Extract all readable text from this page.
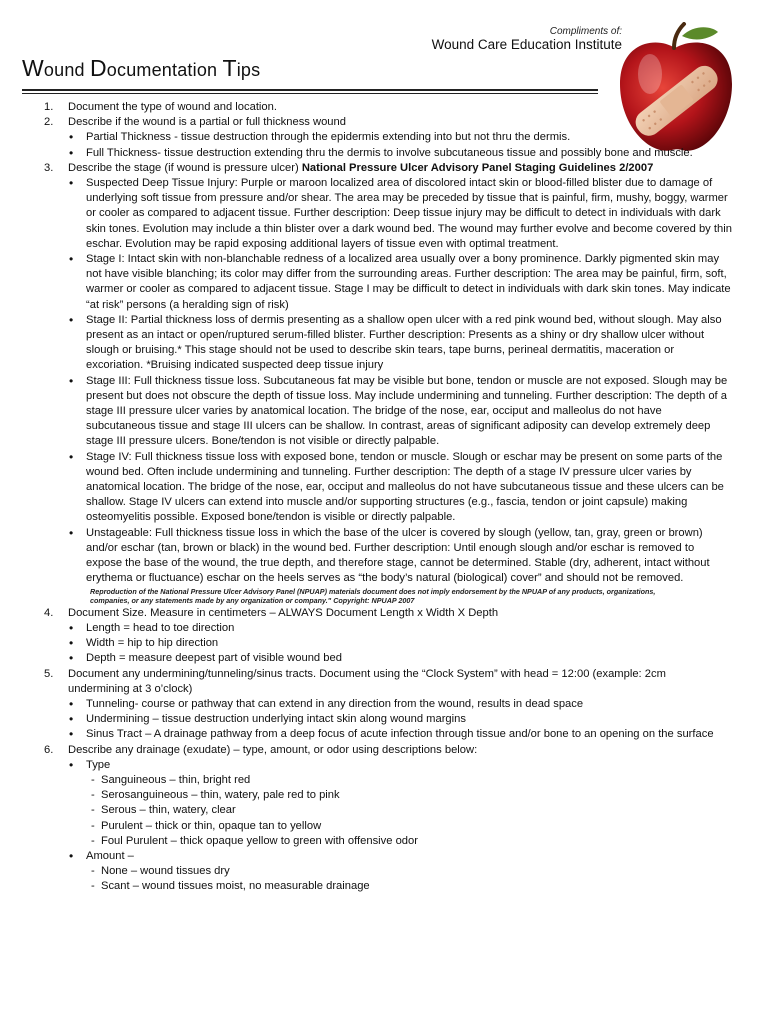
Compliments of:
Wound Care Education Institute
Wound Documentation Tips
1. Document the type of wound and location.
2. Describe if the wound is a partial or full thickness wound
• Partial Thickness - tissue destruction through the epidermis extending into but not thru the dermis.
• Full Thickness- tissue destruction extending thru the dermis to involve subcutaneous tissue and possibly bone and muscle.
3. Describe the stage (if wound is pressure ulcer) National Pressure Ulcer Advisory Panel Staging Guidelines 2/2007
• Suspected Deep Tissue Injury: Purple or maroon localized area of discolored intact skin or blood-filled blister due to damage of underlying soft tissue from pressure and/or shear. The area may be preceded by tissue that is painful, firm, mushy, boggy, warmer or cooler as compared to adjacent tissue. Further description: Deep tissue injury may be difficult to detect in individuals with dark skin tones. Evolution may include a thin blister over a dark wound bed. The wound may further evolve and become covered by thin eschar. Evolution may be rapid exposing additional layers of tissue even with optimal treatment.
• Stage I: Intact skin with non-blanchable redness of a localized area usually over a bony prominence. Darkly pigmented skin may not have visible blanching; its color may differ from the surrounding areas. Further description: The area may be painful, firm, soft, warmer or cooler as compared to adjacent tissue. Stage I may be difficult to detect in individuals with dark skin tones. May indicate “at risk” persons (a heralding sign of risk)
• Stage II: Partial thickness loss of dermis presenting as a shallow open ulcer with a red pink wound bed, without slough. May also present as an intact or open/ruptured serum-filled blister. Further description: Presents as a shiny or dry shallow ulcer without slough or bruising.* This stage should not be used to describe skin tears, tape burns, perineal dermatitis, maceration or excoriation. *Bruising indicated suspected deep tissue injury
• Stage III: Full thickness tissue loss. Subcutaneous fat may be visible but bone, tendon or muscle are not exposed. Slough may be present but does not obscure the depth of tissue loss. May include undermining and tunneling. Further description: The depth of a stage III pressure ulcer varies by anatomical location. The bridge of the nose, ear, occiput and malleolus do not have subcutaneous tissue and stage III ulcers can be shallow. In contrast, areas of significant adiposity can develop extremely deep stage III pressure ulcers. Bone/tendon is not visible or directly palpable.
• Stage IV: Full thickness tissue loss with exposed bone, tendon or muscle. Slough or eschar may be present on some parts of the wound bed. Often include undermining and tunneling. Further description: The depth of a stage IV pressure ulcer varies by anatomical location. The bridge of the nose, ear, occiput and malleolus do not have subcutaneous tissue and these ulcers can be shallow. Stage IV ulcers can extend into muscle and/or supporting structures (e.g., fascia, tendon or joint capsule) making osteomyelitis possible. Exposed bone/tendon is visible or directly palpable.
• Unstageable: Full thickness tissue loss in which the base of the ulcer is covered by slough (yellow, tan, gray, green or brown) and/or eschar (tan, brown or black) in the wound bed. Further description: Until enough slough and/or eschar is removed to expose the base of the wound, the true depth, and therefore stage, cannot be determined. Stable (dry, adherent, intact without erythema or fluctuance) eschar on the heels serves as “the body’s natural (biological) cover” and should not be removed.
Reproduction of the National Pressure Ulcer Advisory Panel (NPUAP) materials document does not imply endorsement by the NPUAP of any products, organizations, companies, or any statements made by any organization or company." Copyright: NPUAP 2007
4. Document Size. Measure in centimeters – ALWAYS Document Length x Width X Depth
• Length = head to toe direction
• Width = hip to hip direction
• Depth = measure deepest part of visible wound bed
5. Document any undermining/tunneling/sinus tracts. Document using the “Clock System” with head = 12:00 (example: 2cm undermining at 3 o’clock)
• Tunneling- course or pathway that can extend in any direction from the wound, results in dead space
• Undermining – tissue destruction underlying intact skin along wound margins
• Sinus Tract – A drainage pathway from a deep focus of acute infection through tissue and/or bone to an opening on the surface
6. Describe any drainage (exudate) – type, amount, or odor using descriptions below:
• Type
- Sanguineous – thin, bright red
- Serosanguineous – thin, watery, pale red to pink
- Serous – thin, watery, clear
- Purulent – thick or thin, opaque tan to yellow
- Foul Purulent – thick opaque yellow to green with offensive odor
• Amount –
- None – wound tissues dry
- Scant – wound tissues moist, no measurable drainage
